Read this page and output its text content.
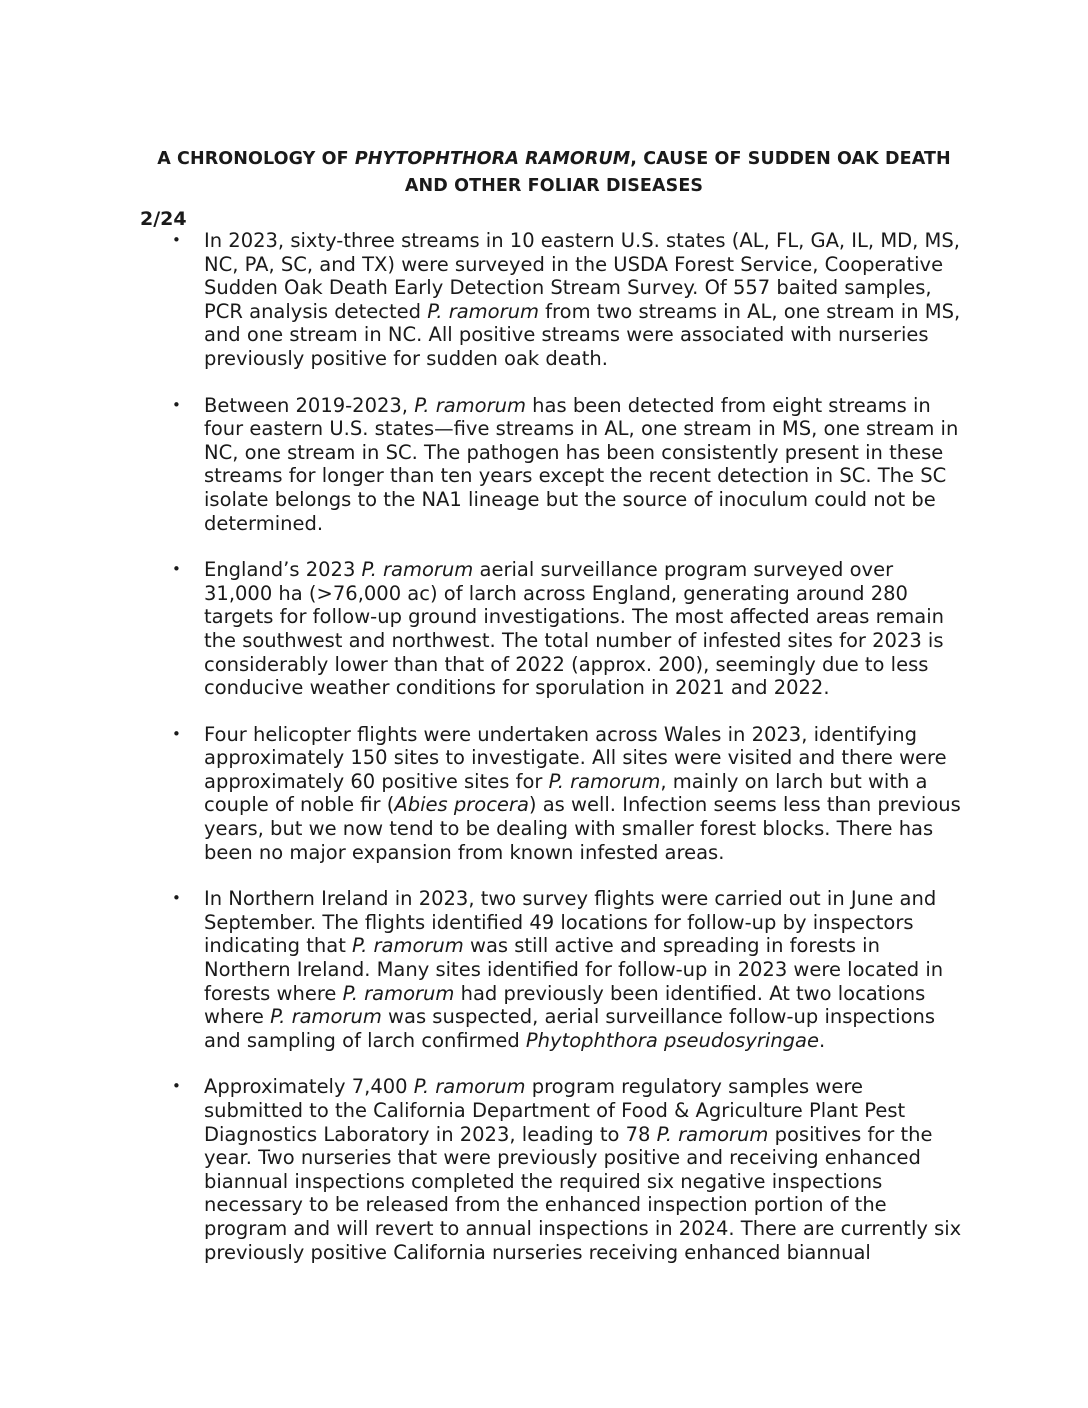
A CHRONOLOGY OF PHYTOPHTHORA RAMORUM, CAUSE OF SUDDEN OAK DEATH AND OTHER FOLIAR DISEASES
2/24
• In 2023, sixty-three streams in 10 eastern U.S. states (AL, FL, GA, IL, MD, MS, NC, PA, SC, and TX) were surveyed in the USDA Forest Service, Cooperative Sudden Oak Death Early Detection Stream Survey. Of 557 baited samples, PCR analysis detected P. ramorum from two streams in AL, one stream in MS, and one stream in NC. All positive streams were associated with nurseries previously positive for sudden oak death.
• Between 2019-2023, P. ramorum has been detected from eight streams in four eastern U.S. states—five streams in AL, one stream in MS, one stream in NC, one stream in SC. The pathogen has been consistently present in these streams for longer than ten years except the recent detection in SC. The SC isolate belongs to the NA1 lineage but the source of inoculum could not be determined.
• England’s 2023 P. ramorum aerial surveillance program surveyed over 31,000 ha (>76,000 ac) of larch across England, generating around 280 targets for follow-up ground investigations. The most affected areas remain the southwest and northwest. The total number of infested sites for 2023 is considerably lower than that of 2022 (approx. 200), seemingly due to less conducive weather conditions for sporulation in 2021 and 2022.
• Four helicopter flights were undertaken across Wales in 2023, identifying approximately 150 sites to investigate. All sites were visited and there were approximately 60 positive sites for P. ramorum, mainly on larch but with a couple of noble fir (Abies procera) as well. Infection seems less than previous years, but we now tend to be dealing with smaller forest blocks. There has been no major expansion from known infested areas.
• In Northern Ireland in 2023, two survey flights were carried out in June and September. The flights identified 49 locations for follow-up by inspectors indicating that P. ramorum was still active and spreading in forests in Northern Ireland. Many sites identified for follow-up in 2023 were located in forests where P. ramorum had previously been identified. At two locations where P. ramorum was suspected, aerial surveillance follow-up inspections and sampling of larch confirmed Phytophthora pseudosyringae.
• Approximately 7,400 P. ramorum program regulatory samples were submitted to the California Department of Food & Agriculture Plant Pest Diagnostics Laboratory in 2023, leading to 78 P. ramorum positives for the year. Two nurseries that were previously positive and receiving enhanced biannual inspections completed the required six negative inspections necessary to be released from the enhanced inspection portion of the program and will revert to annual inspections in 2024. There are currently six previously positive California nurseries receiving enhanced biannual
